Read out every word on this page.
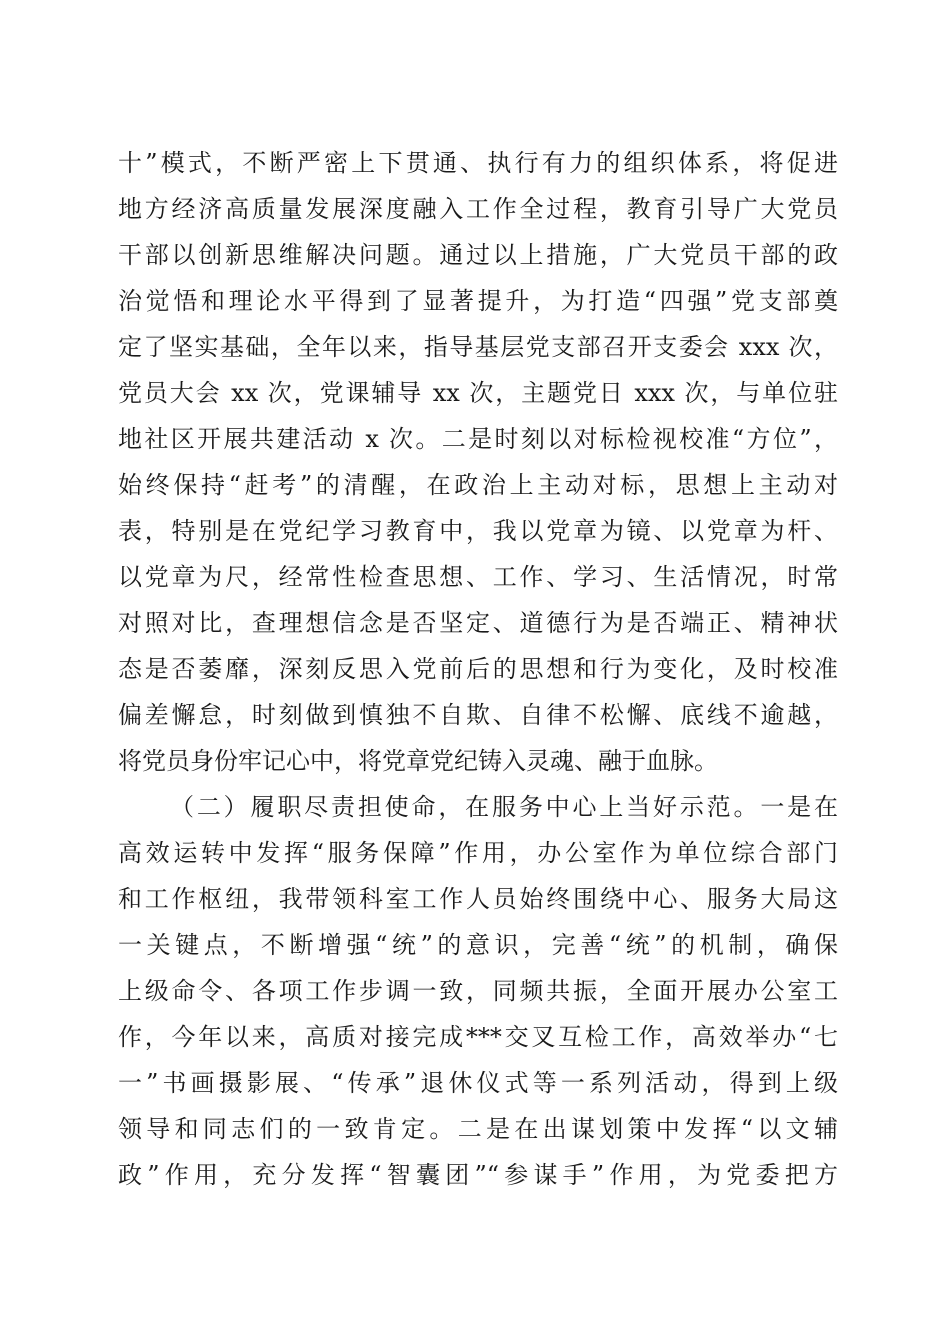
十”模式，不断严密上下贯通、执行有力的组织体系，将促进
地方经济高质量发展深度融入工作全过程，教育引导广大党员
干部以创新思维解决问题。通过以上措施，广大党员干部的政
治觉悟和理论水平得到了显著提升，为打造“四强”党支部奠
定了坚实基础，全年以来，指导基层党支部召开支委会 xxx 次，
党员大会 xx 次，党课辅导 xx 次，主题党日 xxx 次，与单位驻
地社区开展共建活动 x 次。二是时刻以对标检视校准“方位”，
始终保持“赶考”的清醒，在政治上主动对标，思想上主动对
表，特别是在党纪学习教育中，我以党章为镜、以党章为杆、
以党章为尺，经常性检查思想、工作、学习、生活情况，时常
对照对比，查理想信念是否坚定、道德行为是否端正、精神状
态是否萎靡，深刻反思入党前后的思想和行为变化，及时校准
偏差懈怠，时刻做到慎独不自欺、自律不松懈、底线不逾越，
将党员身份牢记心中，将党章党纪铸入灵魂、融于血脉。
（二）履职尽责担使命，在服务中心上当好示范。一是在
高效运转中发挥“服务保障”作用，办公室作为单位综合部门
和工作枢纽，我带领科室工作人员始终围绕中心、服务大局这
一关键点，不断增强“统”的意识，完善“统”的机制，确保
上级命令、各项工作步调一致，同频共振，全面开展办公室工
作，今年以来，高质对接完成***交叉互检工作，高效举办“七
一”书画摄影展、“传承”退休仪式等一系列活动，得到上级
领导和同志们的一致肯定。二是在出谋划策中发挥“以文辅
政”作用，充分发挥“智囊团”“参谋手”作用，为党委把方
